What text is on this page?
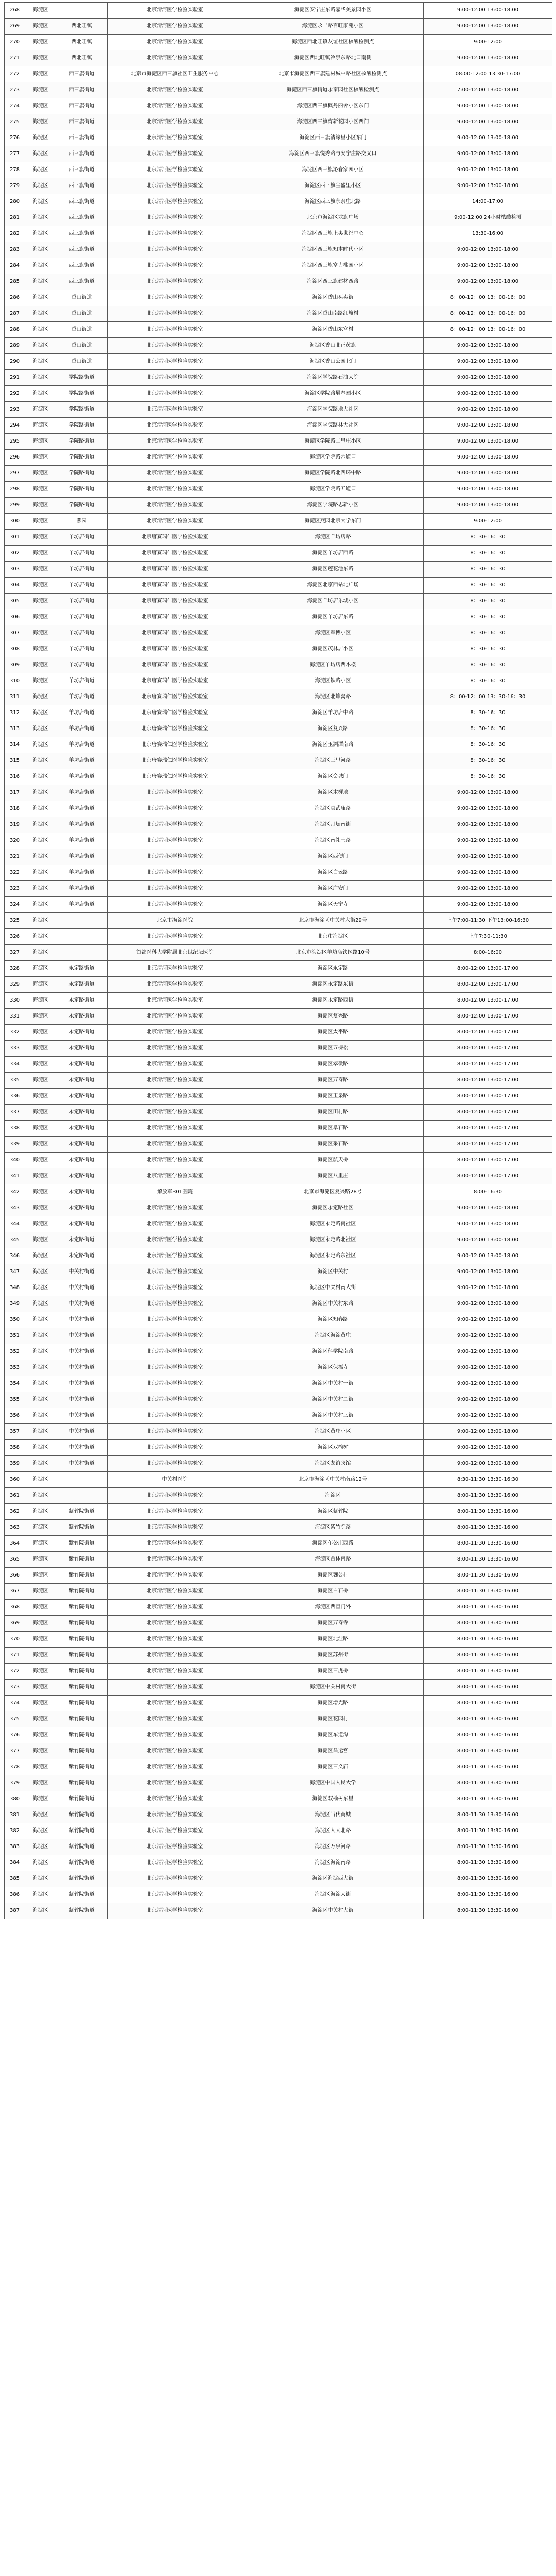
268	海淀区		北京清河医学检验实验室	海淀区安宁庄东路嘉华美景园小区	9:00-12:00 13:00-18:00
269	海淀区	西北旺镇	北京清河医学检验实验室	海淀区永丰路百旺家苑小区	9:00-12:00 13:00-18:00
270	海淀区	西北旺镇	北京清河医学检验实验室	海淀区西北旺镇友谊社区核酸检测点	9:00-12:00
271	海淀区	西北旺镇	北京清河医学检验实验室	海淀区西北旺镇冷泉东路北口南侧	9:00-12:00 13:00-18:00
272	海淀区	西三旗街道	北京市海淀区西三旗社区卫生服务中心	北京市海淀区西三旗建材城中路社区核酸检测点	08:00-12:00 13:30-17:00
273	海淀区	西三旗街道	北京清河医学检验实验室	海淀区西三旗街道永泰园社区核酸检测点	7:00-12:00 13:00-18:00
274	海淀区	西三旗街道	北京清河医学检验实验室	海淀区西三旗枫丹丽舍小区东门	9:00-12:00 13:00-18:00
275	海淀区	西三旗街道	北京清河医学检验实验室	海淀区西三旗育新花园小区西门	9:00-12:00 13:00-18:00
276	海淀区	西三旗街道	北京清河医学检验实验室	海淀区西三旗清缘里小区东门	9:00-12:00 13:00-18:00
277	海淀区	西三旗街道	北京清河医学检验实验室	海淀区西三旗悦秀路与安宁庄路交叉口	9:00-12:00 13:00-18:00
278	海淀区	西三旗街道	北京清河医学检验实验室	海淀区西三旗沁春家园小区	9:00-12:00 13:00-18:00
279	海淀区	西三旗街道	北京清河医学检验实验室	海淀区西三旗宝盛里小区	9:00-12:00 13:00-18:00
280	海淀区	西三旗街道	北京清河医学检验实验室	海淀区西三旗永泰庄北路	14:00-17:00
281	海淀区	西三旗街道	北京清河医学检验实验室	北京市海淀区龙旗广场	9:00-12:00 24小时核酸检测
282	海淀区	西三旗街道	北京清河医学检验实验室	海淀区西三旗上奥世纪中心	13:30-16:00
283	海淀区	西三旗街道	北京清河医学检验实验室	海淀区西三旗知本时代小区	9:00-12:00 13:00-18:00
284	海淀区	西三旗街道	北京清河医学检验实验室	海淀区西三旗富力桃园小区	9:00-12:00 13:00-18:00
285	海淀区	西三旗街道	北京清河医学检验实验室	海淀区西三旗建材西路	9:00-12:00 13:00-18:00
286	海淀区	香山街道	北京清河医学检验实验室	海淀区香山买卖街	8：00-12：00 13：00-16：00
287	海淀区	香山街道	北京清河医学检验实验室	海淀区香山南路红旗村	8：00-12：00 13：00-16：00
288	海淀区	香山街道	北京清河医学检验实验室	海淀区香山东宫村	8：00-12：00 13：00-16：00
289	海淀区	香山街道	北京清河医学检验实验室	海淀区香山北正黄旗	9:00-12:00 13:00-18:00
290	海淀区	香山街道	北京清河医学检验实验室	海淀区香山公园北门	9:00-12:00 13:00-18:00
291	海淀区	学院路街道	北京清河医学检验实验室	海淀区学院路石油大院	9:00-12:00 13:00-18:00
292	海淀区	学院路街道	北京清河医学检验实验室	海淀区学院路展春园小区	9:00-12:00 13:00-18:00
293	海淀区	学院路街道	北京清河医学检验实验室	海淀区学院路地大社区	9:00-12:00 13:00-18:00
294	海淀区	学院路街道	北京清河医学检验实验室	海淀区学院路林大社区	9:00-12:00 13:00-18:00
295	海淀区	学院路街道	北京清河医学检验实验室	海淀区学院路二里庄小区	9:00-12:00 13:00-18:00
296	海淀区	学院路街道	北京清河医学检验实验室	海淀区学院路六道口	9:00-12:00 13:00-18:00
297	海淀区	学院路街道	北京清河医学检验实验室	海淀区学院路北四环中路	9:00-12:00 13:00-18:00
298	海淀区	学院路街道	北京清河医学检验实验室	海淀区学院路五道口	9:00-12:00 13:00-18:00
299	海淀区	学院路街道	北京清河医学检验实验室	海淀区学院路志新小区	9:00-12:00 13:00-18:00
300	海淀区	燕园	北京清河医学检验实验室	海淀区燕园北京大学东门	9:00-12:00
301	海淀区	羊坊店街道	北京唐赛瑞仁医学检验实验室	海淀区羊坊店路	8：30-16：30
302	海淀区	羊坊店街道	北京唐赛瑞仁医学检验实验室	海淀区羊坊店西路	8：30-16：30
303	海淀区	羊坊店街道	北京唐赛瑞仁医学检验实验室	海淀区莲花池东路	8：30-16：30
304	海淀区	羊坊店街道	北京唐赛瑞仁医学检验实验室	海淀区北京西站北广场	8：30-16：30
305	海淀区	羊坊店街道	北京唐赛瑞仁医学检验实验室	海淀区羊坊店乐城小区	8：30-16：30
306	海淀区	羊坊店街道	北京唐赛瑞仁医学检验实验室	海淀区羊坊店东路	8：30-16：30
307	海淀区	羊坊店街道	北京唐赛瑞仁医学检验实验室	海淀区军博小区	8：30-16：30
308	海淀区	羊坊店街道	北京唐赛瑞仁医学检验实验室	海淀区茂林居小区	8：30-16：30
309	海淀区	羊坊店街道	北京唐赛瑞仁医学检验实验室	海淀区羊坊店西木楼	8：30-16：30
310	海淀区	羊坊店街道	北京唐赛瑞仁医学检验实验室	海淀区铁路小区	8：30-16：30
311	海淀区	羊坊店街道	北京唐赛瑞仁医学检验实验室	海淀区北蜂窝路	8：00-12：00 13：30-16：30
312	海淀区	羊坊店街道	北京唐赛瑞仁医学检验实验室	海淀区羊坊店中路	8：30-16：30
313	海淀区	羊坊店街道	北京唐赛瑞仁医学检验实验室	海淀区复兴路	8：30-16：30
314	海淀区	羊坊店街道	北京唐赛瑞仁医学检验实验室	海淀区玉渊潭南路	8：30-16：30
315	海淀区	羊坊店街道	北京唐赛瑞仁医学检验实验室	海淀区三里河路	8：30-16：30
316	海淀区	羊坊店街道	北京唐赛瑞仁医学检验实验室	海淀区会城门	8：30-16：30
317	海淀区	羊坊店街道	北京清河医学检验实验室	海淀区木樨地	9:00-12:00 13:00-18:00
318	海淀区	羊坊店街道	北京清河医学检验实验室	海淀区真武庙路	9:00-12:00 13:00-18:00
319	海淀区	羊坊店街道	北京清河医学检验实验室	海淀区月坛南街	9:00-12:00 13:00-18:00
320	海淀区	羊坊店街道	北京清河医学检验实验室	海淀区南礼士路	9:00-12:00 13:00-18:00
321	海淀区	羊坊店街道	北京清河医学检验实验室	海淀区西便门	9:00-12:00 13:00-18:00
322	海淀区	羊坊店街道	北京清河医学检验实验室	海淀区白云路	9:00-12:00 13:00-18:00
323	海淀区	羊坊店街道	北京清河医学检验实验室	海淀区广安门	9:00-12:00 13:00-18:00
324	海淀区	羊坊店街道	北京清河医学检验实验室	海淀区天宁寺	9:00-12:00 13:00-18:00
325	海淀区		北京市海淀医院	北京市海淀区中关村大街29号	上午7:00-11:30 下午13:00-16:30
326	海淀区		北京清河医学检验实验室	北京市海淀区	上午7:30-11:30
327	海淀区		首都医科大学附属北京世纪坛医院	北京市海淀区羊坊店铁医路10号	8:00-16:00
328	海淀区	永定路街道	北京清河医学检验实验室	海淀区永定路	8:00-12:00 13:00-17:00
329	海淀区	永定路街道	北京清河医学检验实验室	海淀区永定路东街	8:00-12:00 13:00-17:00
330	海淀区	永定路街道	北京清河医学检验实验室	海淀区永定路西街	8:00-12:00 13:00-17:00
331	海淀区	永定路街道	北京清河医学检验实验室	海淀区复兴路	8:00-12:00 13:00-17:00
332	海淀区	永定路街道	北京清河医学检验实验室	海淀区太平路	8:00-12:00 13:00-17:00
333	海淀区	永定路街道	北京清河医学检验实验室	海淀区五棵松	8:00-12:00 13:00-17:00
334	海淀区	永定路街道	北京清河医学检验实验室	海淀区翠微路	8:00-12:00 13:00-17:00
335	海淀区	永定路街道	北京清河医学检验实验室	海淀区万寿路	8:00-12:00 13:00-17:00
336	海淀区	永定路街道	北京清河医学检验实验室	海淀区玉泉路	8:00-12:00 13:00-17:00
337	海淀区	永定路街道	北京清河医学检验实验室	海淀区田村路	8:00-12:00 13:00-17:00
338	海淀区	永定路街道	北京清河医学检验实验室	海淀区阜石路	8:00-12:00 13:00-17:00
339	海淀区	永定路街道	北京清河医学检验实验室	海淀区采石路	8:00-12:00 13:00-17:00
340	海淀区	永定路街道	北京清河医学检验实验室	海淀区航天桥	8:00-12:00 13:00-17:00
341	海淀区	永定路街道	北京清河医学检验实验室	海淀区八里庄	8:00-12:00 13:00-17:00
342	海淀区	永定路街道	解放军301医院	北京市海淀区复兴路28号	8:00-16:30
343	海淀区	永定路街道	北京清河医学检验实验室	海淀区永定路社区	9:00-12:00 13:00-18:00
344	海淀区	永定路街道	北京清河医学检验实验室	海淀区永定路南社区	9:00-12:00 13:00-18:00
345	海淀区	永定路街道	北京清河医学检验实验室	海淀区永定路北社区	9:00-12:00 13:00-18:00
346	海淀区	永定路街道	北京清河医学检验实验室	海淀区永定路东社区	9:00-12:00 13:00-18:00
347	海淀区	中关村街道	北京清河医学检验实验室	海淀区中关村	9:00-12:00 13:00-18:00
348	海淀区	中关村街道	北京清河医学检验实验室	海淀区中关村南大街	9:00-12:00 13:00-18:00
349	海淀区	中关村街道	北京清河医学检验实验室	海淀区中关村东路	9:00-12:00 13:00-18:00
350	海淀区	中关村街道	北京清河医学检验实验室	海淀区知春路	9:00-12:00 13:00-18:00
351	海淀区	中关村街道	北京清河医学检验实验室	海淀区海淀黄庄	9:00-12:00 13:00-18:00
352	海淀区	中关村街道	北京清河医学检验实验室	海淀区科学院南路	9:00-12:00 13:00-18:00
353	海淀区	中关村街道	北京清河医学检验实验室	海淀区保福寺	9:00-12:00 13:00-18:00
354	海淀区	中关村街道	北京清河医学检验实验室	海淀区中关村一街	9:00-12:00 13:00-18:00
355	海淀区	中关村街道	北京清河医学检验实验室	海淀区中关村二街	9:00-12:00 13:00-18:00
356	海淀区	中关村街道	北京清河医学检验实验室	海淀区中关村三街	9:00-12:00 13:00-18:00
357	海淀区	中关村街道	北京清河医学检验实验室	海淀区黄庄小区	9:00-12:00 13:00-18:00
358	海淀区	中关村街道	北京清河医学检验实验室	海淀区双榆树	9:00-12:00 13:00-18:00
359	海淀区	中关村街道	北京清河医学检验实验室	海淀区友谊宾馆	9:00-12:00 13:00-18:00
360	海淀区		中关村医院	北京市海淀区中关村南路12号	8:30-11:30 13:30-16:30
361	海淀区		北京清河医学检验实验室	海淀区	8:00-11:30 13:30-16:00
362	海淀区	紫竹院街道	北京清河医学检验实验室	海淀区紫竹院	8:00-11:30 13:30-16:00
363	海淀区	紫竹院街道	北京清河医学检验实验室	海淀区紫竹院路	8:00-11:30 13:30-16:00
364	海淀区	紫竹院街道	北京清河医学检验实验室	海淀区车公庄西路	8:00-11:30 13:30-16:00
365	海淀区	紫竹院街道	北京清河医学检验实验室	海淀区首体南路	8:00-11:30 13:30-16:00
366	海淀区	紫竹院街道	北京清河医学检验实验室	海淀区魏公村	8:00-11:30 13:30-16:00
367	海淀区	紫竹院街道	北京清河医学检验实验室	海淀区白石桥	8:00-11:30 13:30-16:00
368	海淀区	紫竹院街道	北京清河医学检验实验室	海淀区西直门外	8:00-11:30 13:30-16:00
369	海淀区	紫竹院街道	北京清河医学检验实验室	海淀区万寿寺	8:00-11:30 13:30-16:00
370	海淀区	紫竹院街道	北京清河医学检验实验室	海淀区北洼路	8:00-11:30 13:30-16:00
371	海淀区	紫竹院街道	北京清河医学检验实验室	海淀区苏州街	8:00-11:30 13:30-16:00
372	海淀区	紫竹院街道	北京清河医学检验实验室	海淀区三虎桥	8:00-11:30 13:30-16:00
373	海淀区	紫竹院街道	北京清河医学检验实验室	海淀区中关村南大街	8:00-11:30 13:30-16:00
374	海淀区	紫竹院街道	北京清河医学检验实验室	海淀区增光路	8:00-11:30 13:30-16:00
375	海淀区	紫竹院街道	北京清河医学检验实验室	海淀区花园村	8:00-11:30 13:30-16:00
376	海淀区	紫竹院街道	北京清河医学检验实验室	海淀区车道沟	8:00-11:30 13:30-16:00
377	海淀区	紫竹院街道	北京清河医学检验实验室	海淀区昌运宫	8:00-11:30 13:30-16:00
378	海淀区	紫竹院街道	北京清河医学检验实验室	海淀区三义庙	8:00-11:30 13:30-16:00
379	海淀区	紫竹院街道	北京清河医学检验实验室	海淀区中国人民大学	8:00-11:30 13:30-16:00
380	海淀区	紫竹院街道	北京清河医学检验实验室	海淀区双榆树东里	8:00-11:30 13:30-16:00
381	海淀区	紫竹院街道	北京清河医学检验实验室	海淀区当代商城	8:00-11:30 13:30-16:00
382	海淀区	紫竹院街道	北京清河医学检验实验室	海淀区人大北路	8:00-11:30 13:30-16:00
383	海淀区	紫竹院街道	北京清河医学检验实验室	海淀区万泉河路	8:00-11:30 13:30-16:00
384	海淀区	紫竹院街道	北京清河医学检验实验室	海淀区海淀南路	8:00-11:30 13:30-16:00
385	海淀区	紫竹院街道	北京清河医学检验实验室	海淀区海淀西大街	8:00-11:30 13:30-16:00
386	海淀区	紫竹院街道	北京清河医学检验实验室	海淀区海淀大街	8:00-11:30 13:30-16:00
387	海淀区	紫竹院街道	北京清河医学检验实验室	海淀区中关村大街	8:00-11:30 13:30-16:00
